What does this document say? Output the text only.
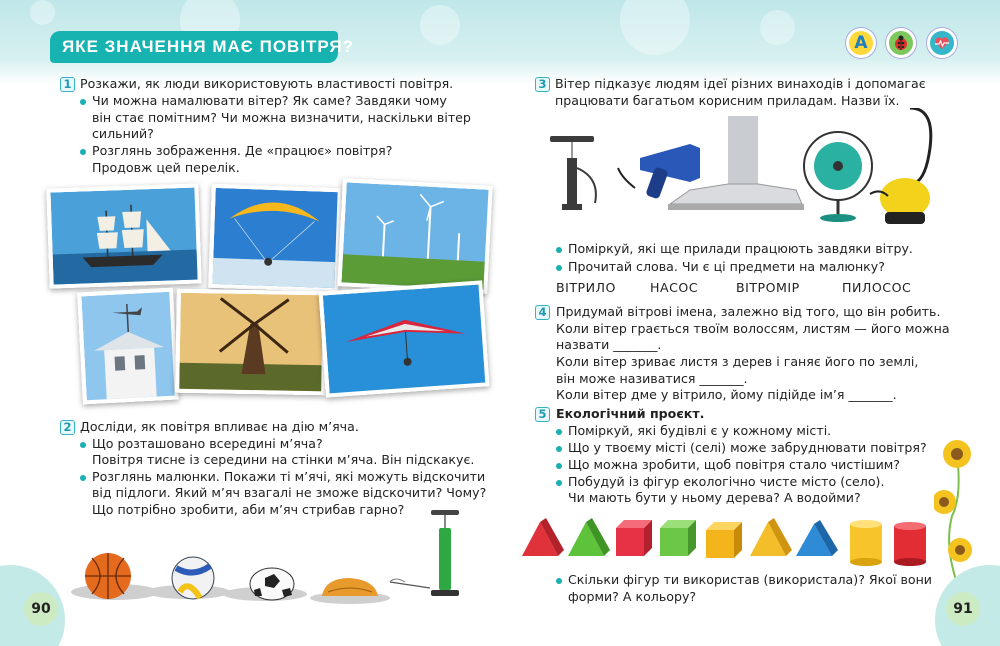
ЯКЕ ЗНАЧЕННЯ МАЄ ПОВІТРЯ?	А
1 Розкажи, як люди використовують властивості повітря.
Чи можна намалювати вітер? Як саме? Завдяки чому
він стає помітним? Чи можна визначити, наскільки вітер
сильний?
Розглянь зображення. Де «працює» повітря?
Продовж цей перелік.
2 Досліди, як повітря впливає на дію м’яча.
Що розташовано всередині м’яча?
Повітря тисне із середини на стінки м’яча. Він підскакує.
Розглянь малюнки. Покажи ті м’ячі, які можуть відскочити
від підлоги. Який м’яч взагалі не зможе відскочити? Чому?
Що потрібно зробити, аби м’яч стрибав гарно?
90
3 Вітер підказує людям ідеї різних винаходів і допомагає
працювати багатьом корисним приладам. Назви їх.
Поміркуй, які ще прилади працюють завдяки вітру.
Прочитай слова. Чи є ці предмети на малюнку?
ВІТРИЛО	НАСОС	ВІТРОМІР	ПИЛОСОС
4 Придумай вітрові імена, залежно від того, що він робить.
Коли вітер грається твоїм волоссям, листям — його можна
назвати _______.
Коли вітер зриває листя з дерев і ганяє його по землі,
він може називатися _______.
Коли вітер дме у вітрило, йому підійде ім’я _______.
5 Екологічний проєкт.
Поміркуй, які будівлі є у кожному місті.
Що у твоєму місті (селі) може забруднювати повітря?
Що можна зробити, щоб повітря стало чистішим?
Побудуй із фігур екологічно чисте місто (село).
Чи мають бути у ньому дерева? А водойми?
Скільки фігур ти використав (використала)? Якої вони
форми? А кольору?
91
